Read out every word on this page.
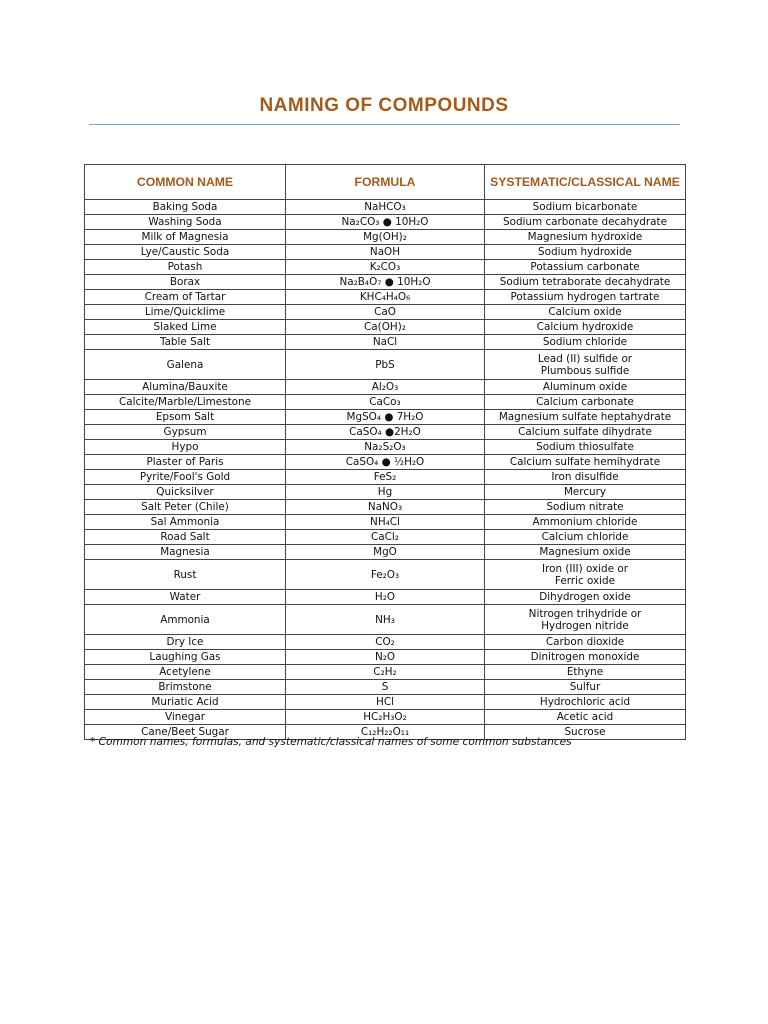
NAMING OF COMPOUNDS
COMMON NAME	FORMULA	SYSTEMATIC/CLASSICAL NAME
Baking Soda	NaHCO₃	Sodium bicarbonate
Washing Soda	Na₂CO₃ ● 10H₂O	Sodium carbonate decahydrate
Milk of Magnesia	Mg(OH)₂	Magnesium hydroxide
Lye/Caustic Soda	NaOH	Sodium hydroxide
Potash	K₂CO₃	Potassium carbonate
Borax	Na₂B₄O₇ ● 10H₂O	Sodium tetraborate decahydrate
Cream of Tartar	KHC₄H₄O₆	Potassium hydrogen tartrate
Lime/Quicklime	CaO	Calcium oxide
Slaked Lime	Ca(OH)₂	Calcium hydroxide
Table Salt	NaCl	Sodium chloride
Galena	PbS	Lead (II) sulfide or
Plumbous sulfide
Alumina/Bauxite	Al₂O₃	Aluminum oxide
Calcite/Marble/Limestone	CaCo₃	Calcium carbonate
Epsom Salt	MgSO₄ ● 7H₂O	Magnesium sulfate heptahydrate
Gypsum	CaSO₄ ●2H₂O	Calcium sulfate dihydrate
Hypo	Na₂S₂O₃	Sodium thiosulfate
Plaster of Paris	CaSO₄ ● ½H₂O	Calcium sulfate hemihydrate
Pyrite/Fool's Gold	FeS₂	Iron disulfide
Quicksilver	Hg	Mercury
Salt Peter (Chile)	NaNO₃	Sodium nitrate
Sal Ammonia	NH₄Cl	Ammonium chloride
Road Salt	CaCl₂	Calcium chloride
Magnesia	MgO	Magnesium oxide
Rust	Fe₂O₃	Iron (III) oxide or
Ferric oxide
Water	H₂O	Dihydrogen oxide
Ammonia	NH₃	Nitrogen trihydride or
Hydrogen nitride
Dry Ice	CO₂	Carbon dioxide
Laughing Gas	N₂O	Dinitrogen monoxide
Acetylene	C₂H₂	Ethyne
Brimstone	S	Sulfur
Muriatic Acid	HCl	Hydrochloric acid
Vinegar	HC₂H₃O₂	Acetic acid
Cane/Beet Sugar	C₁₂H₂₂O₁₁	Sucrose
* Common names, formulas, and systematic/classical names of some common substances
